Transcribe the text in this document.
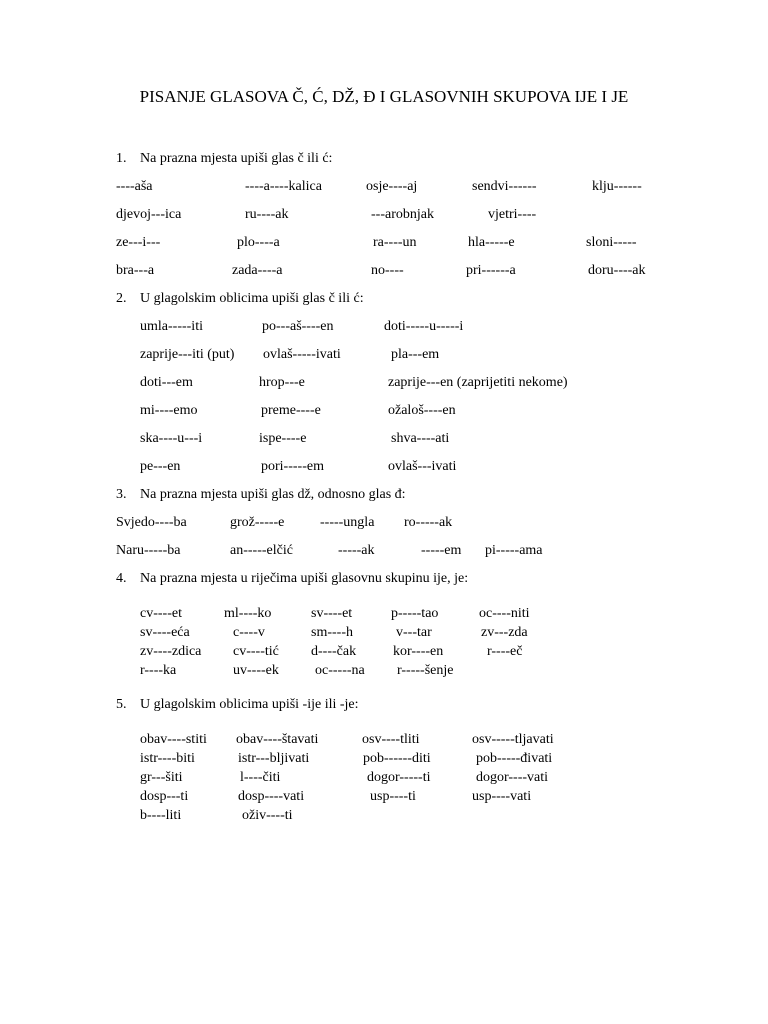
PISANJE GLASOVA Č, Ć, DŽ, Đ I GLASOVNIH SKUPOVA IJE I JE
1. Na prazna mjesta upiši glas č ili ć:
----aša	----a----kalica	osje----aj	sendvi------	klju------
djevoj---ica	ru----ak	---arobnjak	vjetri----
ze---i---	plo----a	ra----un	hla-----e	sloni-----
bra---a	zada----a	no----	pri------a	doru----ak
2. U glagolskim oblicima upiši glas č ili ć:
umla-----iti	po---aš----en	doti-----u-----i
zaprije---iti (put) ovlaš-----ivati	pla---em
doti---em	hrop---e	zaprije---en (zaprijetiti nekome)
mi----emo	preme----e	ožaloš----en
ska----u---i	ispe----e	shva----ati
pe---en	pori-----em	ovlaš---ivati
3. Na prazna mjesta upiši glas dž, odnosno glas đ:
Svjedo----ba	grož-----e	-----ungla ro-----ak
Naru-----ba	an-----elčić	-----ak	-----em pi-----ama
4. Na prazna mjesta u riječima upiši glasovnu skupinu ije, je:
cv----et	ml----ko	sv----et	p-----tao	oc----niti
sv----eća	c----v	sm----h	v---tar	zv---zda
zv----zdica cv----tić d----čak	kor----en	r----eč
r----ka	uv----ek	oc-----na r-----šenje
5. U glagolskim oblicima upiši -ije ili -je:
obav----stiti obav----štavati	osv----tliti	osv-----tljavati
istr----biti	istr---bljivati	pob------diti	pob-----đivati
gr---šiti	l----čiti	dogor-----ti	dogor----vati
dosp---ti	dosp----vati	usp----ti	usp----vati
b----liti	oživ----ti
